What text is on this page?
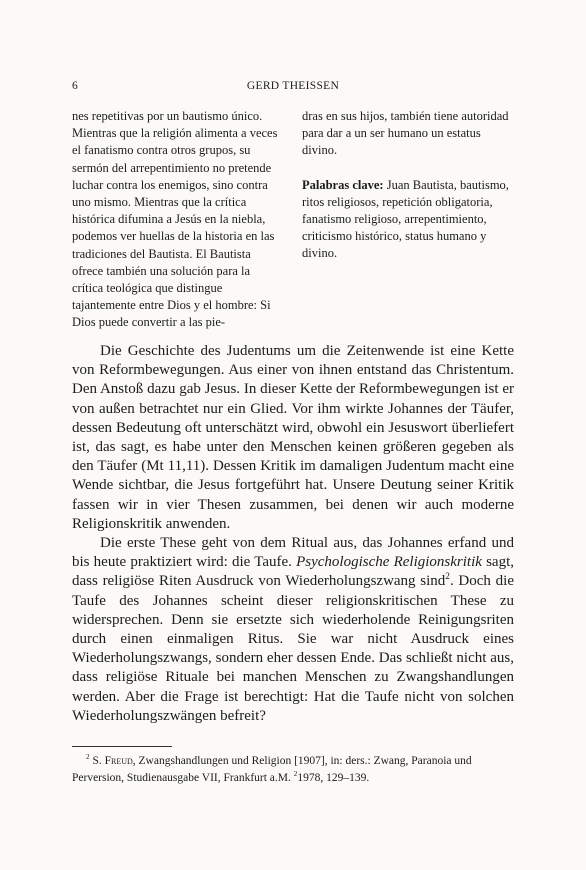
6	GERD THEISSEN

nes repetitivas por un bautismo único. Mientras que la religión alimenta a veces el fanatismo contra otros grupos, su sermón del arrepentimiento no pretende luchar contra los enemigos, sino contra uno mismo. Mientras que la crítica histórica difumina a Jesús en la niebla, podemos ver huellas de la historia en las tradiciones del Bautista. El Bautista ofrece también una solución para la crítica teológica que distingue tajantemente entre Dios y el hombre: Si Dios puede convertir a las pie-

dras en sus hijos, también tiene autoridad para dar a un ser humano un estatus divino.

Palabras clave: Juan Bautista, bautismo, ritos religiosos, repetición obligatoria, fanatismo religioso, arrepentimiento, criticismo histórico, status humano y divino.

Die Geschichte des Judentums um die Zeitenwende ist eine Kette von Reformbewegungen. Aus einer von ihnen entstand das Christentum. Den Anstoß dazu gab Jesus. In dieser Kette der Reformbewegungen ist er von außen betrachtet nur ein Glied. Vor ihm wirkte Johannes der Täufer, dessen Bedeutung oft unterschätzt wird, obwohl ein Jesuswort überliefert ist, das sagt, es habe unter den Menschen keinen größeren gegeben als den Täufer (Mt 11,11). Dessen Kritik im damaligen Judentum macht eine Wende sichtbar, die Jesus fortgeführt hat. Unsere Deutung seiner Kritik fassen wir in vier Thesen zusammen, bei denen wir auch moderne Religionskritik anwenden.

Die erste These geht von dem Ritual aus, das Johannes erfand und bis heute praktiziert wird: die Taufe. Psychologische Religionskritik sagt, dass religiöse Riten Ausdruck von Wiederholungszwang sind$^2$. Doch die Taufe des Johannes scheint dieser religionskritischen These zu widersprechen. Denn sie ersetzte sich wiederholende Reinigungsriten durch einen einmaligen Ritus. Sie war nicht Ausdruck eines Wiederholungszwangs, sondern eher dessen Ende. Das schließt nicht aus, dass religiöse Rituale bei manchen Menschen zu Zwangshandlungen werden. Aber die Frage ist berechtigt: Hat die Taufe nicht von solchen Wiederholungszwängen befreit?

$^2$ S. Freud, Zwangshandlungen und Religion [1907], in: ders.: Zwang, Paranoia und Perversion, Studienausgabe VII, Frankfurt a.M. $^2$1978, 129–139.
